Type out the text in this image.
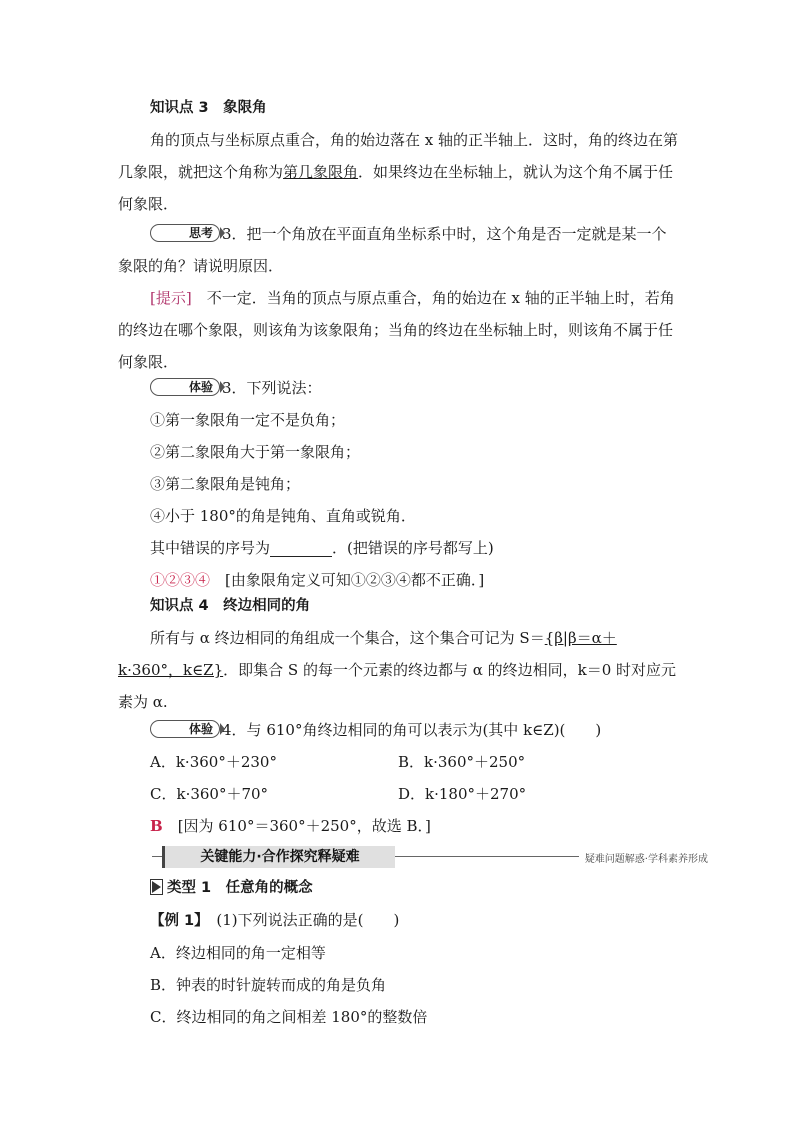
知识点 3　象限角
角的顶点与坐标原点重合，角的始边落在 x 轴的正半轴上．这时，角的终边在第几象限，就把这个角称为第几象限角．如果终边在坐标轴上，就认为这个角不属于任何象限．
思考 3．把一个角放在平面直角坐标系中时，这个角是否一定就是某一个象限的角？请说明原因．
[提示]　不一定．当角的顶点与原点重合，角的始边在 x 轴的正半轴上时，若角的终边在哪个象限，则该角为该象限角；当角的终边在坐标轴上时，则该角不属于任何象限．
体验 3．下列说法：
①第一象限角一定不是负角；
②第二象限角大于第一象限角；
③第二象限角是钝角；
④小于 180°的角是钝角、直角或锐角．
其中错误的序号为	．(把错误的序号都写上)
①②③④　[由象限角定义可知①②③④都不正确．]
知识点 4　终边相同的角
所有与 α 终边相同的角组成一个集合，这个集合可记为 S＝{β|β＝α＋k·360°，k∈Z}．即集合 S 的每一个元素的终边都与 α 的终边相同，k＝0 时对应元素为 α.
体验 4．与 610°角终边相同的角可以表示为(其中 k∈Z)(　　)
A．k·360°＋230°	B．k·360°＋250°
C．k·360°＋70°	D．k·180°＋270°
B　[因为 610°＝360°＋250°，故选 B．]
关键能力·合作探究释疑难	疑难问题解惑·学科素养形成
类型 1　任意角的概念
【例 1】　(1)下列说法正确的是(　　)
A．终边相同的角一定相等
B．钟表的时针旋转而成的角是负角
C．终边相同的角之间相差 180°的整数倍
